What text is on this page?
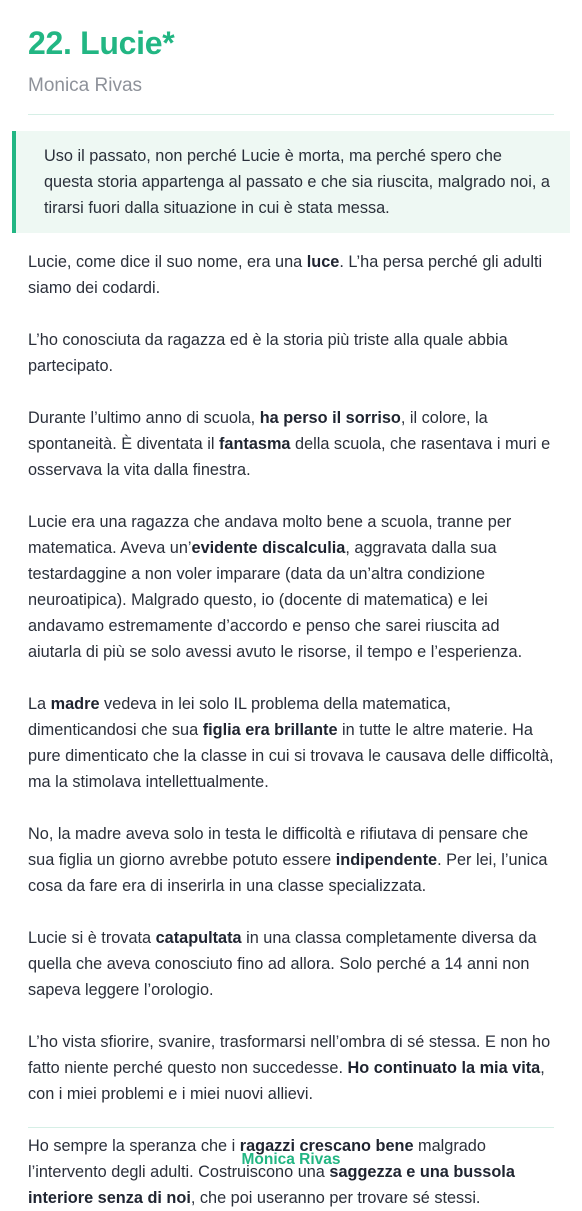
22. Lucie*
Monica Rivas
Uso il passato, non perché Lucie è morta, ma perché spero che questa storia appartenga al passato e che sia riuscita, malgrado noi, a tirarsi fuori dalla situazione in cui è stata messa.

Lucie, come dice il suo nome, era una luce. L’ha persa perché gli adulti siamo dei codardi.

L’ho conosciuta da ragazza ed è la storia più triste alla quale abbia partecipato.

Durante l’ultimo anno di scuola, ha perso il sorriso, il colore, la spontaneità. È diventata il fantasma della scuola, che rasentava i muri e osservava la vita dalla finestra.

Lucie era una ragazza che andava molto bene a scuola, tranne per matematica. Aveva un’evidente discalculia, aggravata dalla sua testardaggine a non voler imparare (data da un’altra condizione neuroatipica). Malgrado questo, io (docente di matematica) e lei andavamo estremamente d’accordo e penso che sarei riuscita ad aiutarla di più se solo avessi avuto le risorse, il tempo e l’esperienza.

La madre vedeva in lei solo IL problema della matematica, dimenticandosi che sua figlia era brillante in tutte le altre materie. Ha pure dimenticato che la classe in cui si trovava le causava delle difficoltà, ma la stimolava intellettualmente.

No, la madre aveva solo in testa le difficoltà e rifiutava di pensare che sua figlia un giorno avrebbe potuto essere indipendente. Per lei, l’unica cosa da fare era di inserirla in una classe specializzata.

Lucie si è trovata catapultata in una classa completamente diversa da quella che aveva conosciuto fino ad allora. Solo perché a 14 anni non sapeva leggere l’orologio.

L’ho vista sfiorire, svanire, trasformarsi nell’ombra di sé stessa. E non ho fatto niente perché questo non succedesse. Ho continuato la mia vita, con i miei problemi e i miei nuovi allievi.

Ho sempre la speranza che i ragazzi crescano bene malgrado l’intervento degli adulti. Costruiscono una saggezza e una bussola interiore senza di noi, che poi useranno per trovare sé stessi.

Monica Rivas
